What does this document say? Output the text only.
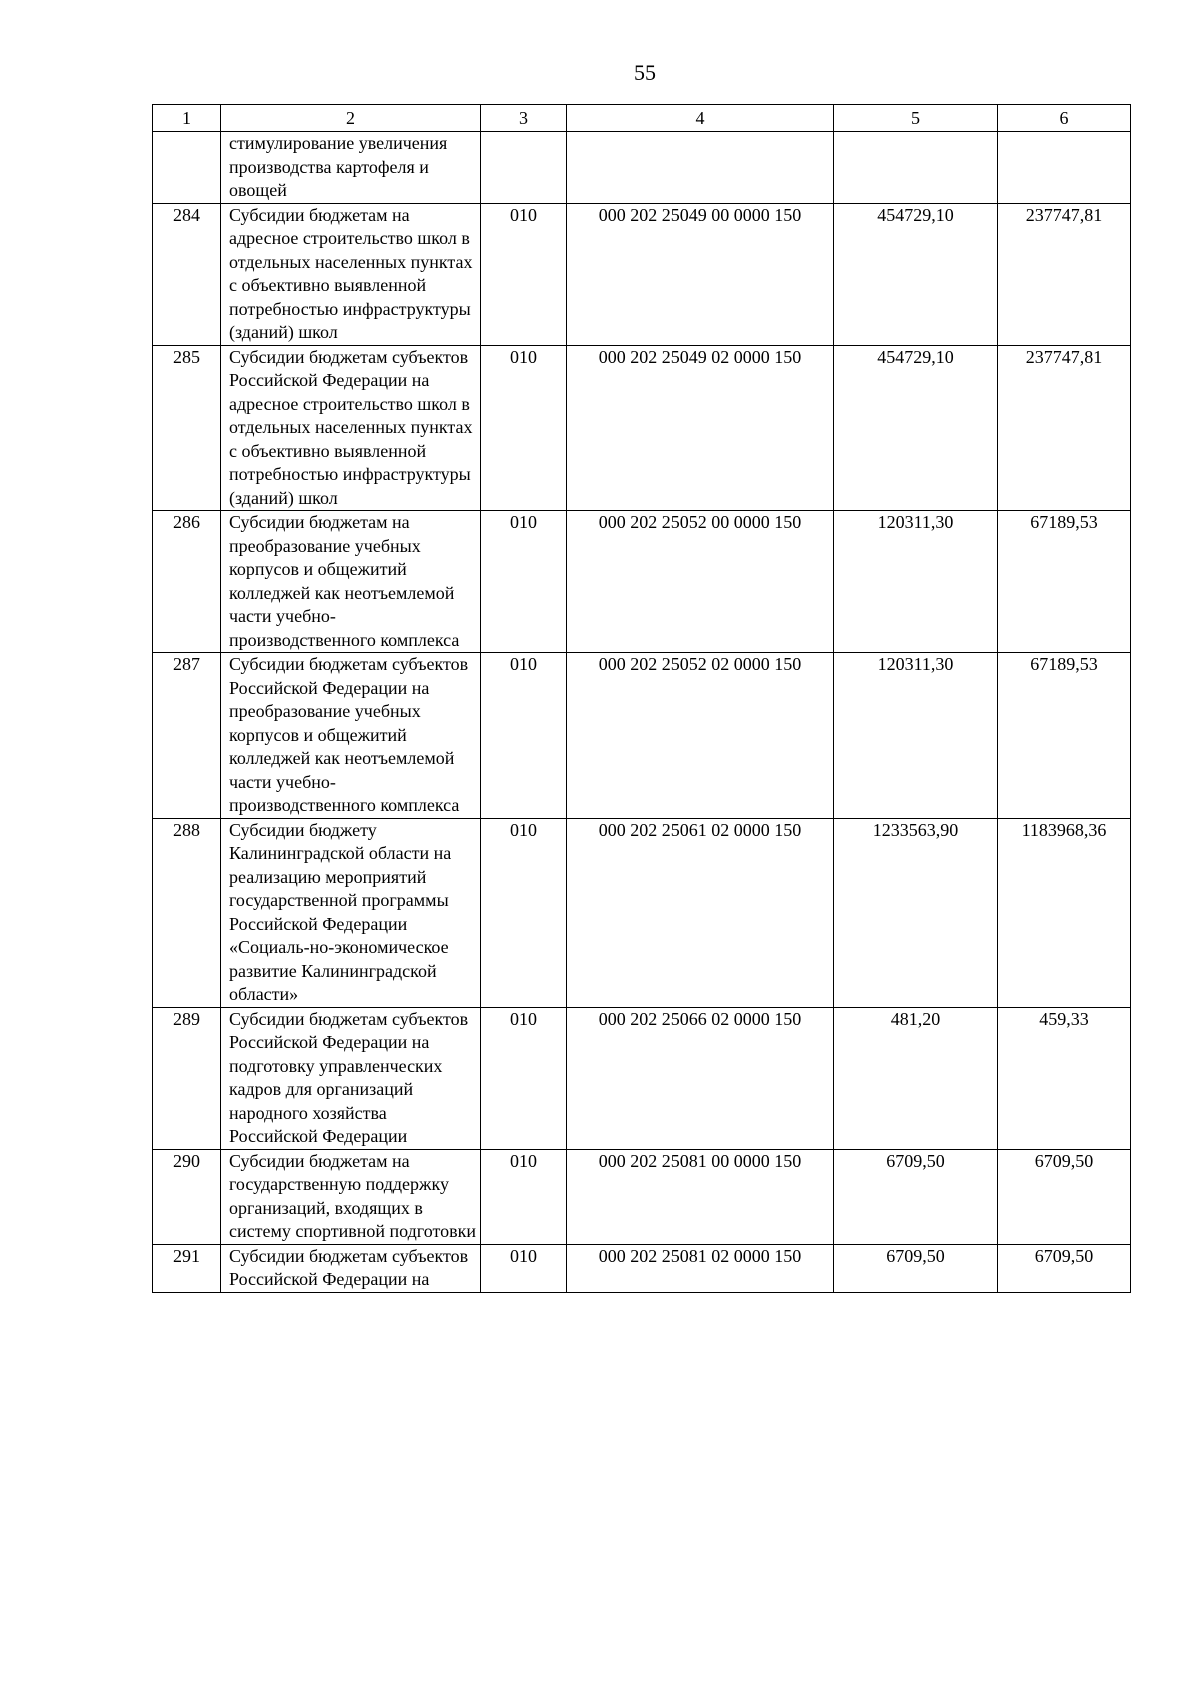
55
1	2	3	4	5	6
	стимулирование увеличения производства картофеля и овощей				
284	Субсидии бюджетам на адресное строительство школ в отдельных населенных пунктах с объективно выявленной потребностью инфраструктуры (зданий) школ	010	000 202 25049 00 0000 150	454729,10	237747,81
285	Субсидии бюджетам субъектов Российской Федерации на адресное строительство школ в отдельных населенных пунктах с объективно выявленной потребностью инфраструктуры (зданий) школ	010	000 202 25049 02 0000 150	454729,10	237747,81
286	Субсидии бюджетам на преобразование учебных корпусов и общежитий колледжей как неотъемлемой части учебно-производственного комплекса	010	000 202 25052 00 0000 150	120311,30	67189,53
287	Субсидии бюджетам субъектов Российской Федерации на преобразование учебных корпусов и общежитий колледжей как неотъемлемой части учебно-производственного комплекса	010	000 202 25052 02 0000 150	120311,30	67189,53
288	Субсидии бюджету Калининградской области на реализацию мероприятий государственной программы Российской Федерации «Социаль-но-экономическое развитие Калининградской области»	010	000 202 25061 02 0000 150	1233563,90	1183968,36
289	Субсидии бюджетам субъектов Российской Федерации на подготовку управленческих кадров для организаций народного хозяйства Российской Федерации	010	000 202 25066 02 0000 150	481,20	459,33
290	Субсидии бюджетам на государственную поддержку организаций, входящих в систему спортивной подготовки	010	000 202 25081 00 0000 150	6709,50	6709,50
291	Субсидии бюджетам субъектов Российской Федерации на	010	000 202 25081 02 0000 150	6709,50	6709,50
